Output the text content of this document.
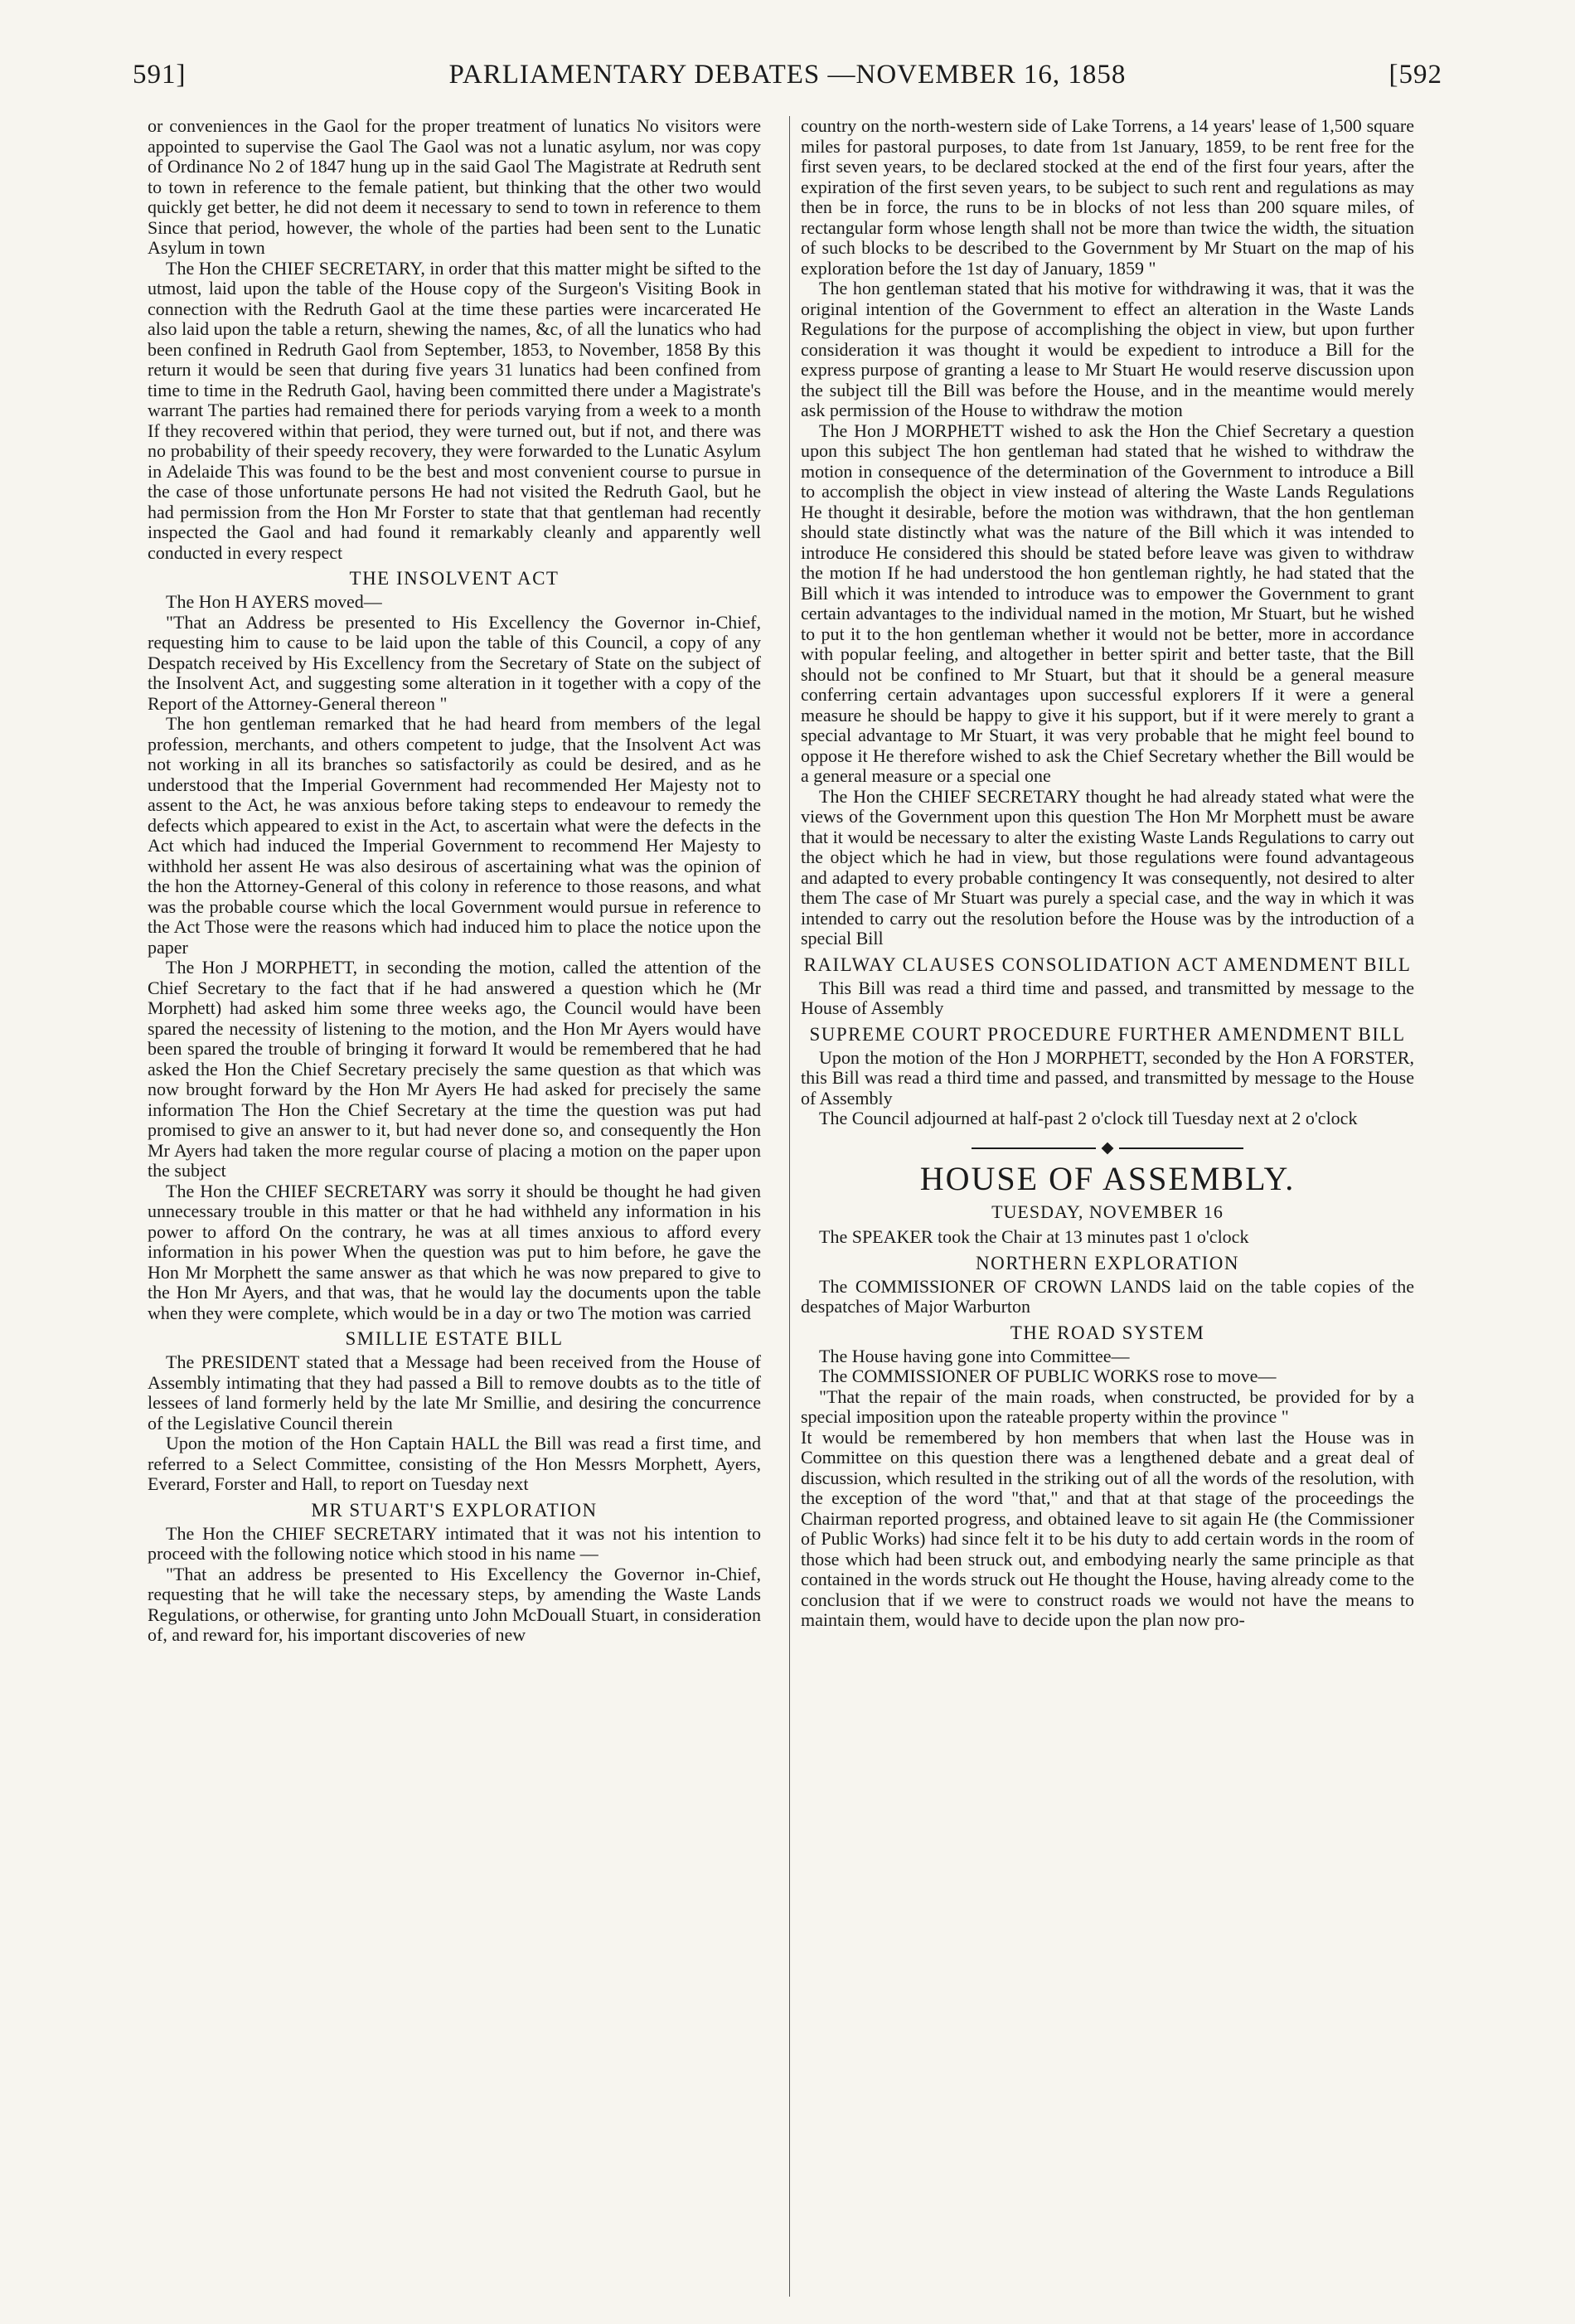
591]	PARLIAMENTARY DEBATES —NOVEMBER 16, 1858	[592

or conveniences in the Gaol for the proper treatment of lunatics No visitors were appointed to supervise the Gaol The Gaol was not a lunatic asylum, nor was copy of Ordinance No 2 of 1847 hung up in the said Gaol The Magistrate at Redruth sent to town in reference to the female patient, but thinking that the other two would quickly get better, he did not deem it necessary to send to town in reference to them Since that period, however, the whole of the parties had been sent to the Lunatic Asylum in town

The Hon the CHIEF SECRETARY, in order that this matter might be sifted to the utmost, laid upon the table of the House copy of the Surgeon's Visiting Book in connection with the Redruth Gaol at the time these parties were incarcerated He also laid upon the table a return, shewing the names, &c, of all the lunatics who had been confined in Redruth Gaol from September, 1853, to November, 1858 By this return it would be seen that during five years 31 lunatics had been confined from time to time in the Redruth Gaol, having been committed there under a Magistrate's warrant The parties had remained there for periods varying from a week to a month If they recovered within that period, they were turned out, but if not, and there was no probability of their speedy recovery, they were forwarded to the Lunatic Asylum in Adelaide This was found to be the best and most convenient course to pursue in the case of those unfortunate persons He had not visited the Redruth Gaol, but he had permission from the Hon Mr Forster to state that that gentleman had recently inspected the Gaol and had found it remarkably cleanly and apparently well conducted in every respect

THE INSOLVENT ACT

The Hon H AYERS moved—

"That an Address be presented to His Excellency the Governor in-Chief, requesting him to cause to be laid upon the table of this Council, a copy of any Despatch received by His Excellency from the Secretary of State on the subject of the Insolvent Act, and suggesting some alteration in it together with a copy of the Report of the Attorney-General thereon "

The hon gentleman remarked that he had heard from members of the legal profession, merchants, and others competent to judge, that the Insolvent Act was not working in all its branches so satisfactorily as could be desired, and as he understood that the Imperial Government had recommended Her Majesty not to assent to the Act, he was anxious before taking steps to endeavour to remedy the defects which appeared to exist in the Act, to ascertain what were the defects in the Act which had induced the Imperial Government to recommend Her Majesty to withhold her assent He was also desirous of ascertaining what was the opinion of the hon the Attorney-General of this colony in reference to those reasons, and what was the probable course which the local Government would pursue in reference to the Act Those were the reasons which had induced him to place the notice upon the paper

The Hon J MORPHETT, in seconding the motion, called the attention of the Chief Secretary to the fact that if he had answered a question which he (Mr Morphett) had asked him some three weeks ago, the Council would have been spared the necessity of listening to the motion, and the Hon Mr Ayers would have been spared the trouble of bringing it forward It would be remembered that he had asked the Hon the Chief Secretary precisely the same question as that which was now brought forward by the Hon Mr Ayers He had asked for precisely the same information The Hon the Chief Secretary at the time the question was put had promised to give an answer to it, but had never done so, and consequently the Hon Mr Ayers had taken the more regular course of placing a motion on the paper upon the subject

The Hon the CHIEF SECRETARY was sorry it should be thought he had given unnecessary trouble in this matter or that he had withheld any information in his power to afford On the contrary, he was at all times anxious to afford every information in his power When the question was put to him before, he gave the Hon Mr Morphett the same answer as that which he was now prepared to give to the Hon Mr Ayers, and that was, that he would lay the documents upon the table when they were complete, which would be in a day or two The motion was carried

SMILLIE ESTATE BILL

The PRESIDENT stated that a Message had been received from the House of Assembly intimating that they had passed a Bill to remove doubts as to the title of lessees of land formerly held by the late Mr Smillie, and desiring the concurrence of the Legislative Council therein

Upon the motion of the Hon Captain HALL the Bill was read a first time, and referred to a Select Committee, consisting of the Hon Messrs Morphett, Ayers, Everard, Forster and Hall, to report on Tuesday next

MR STUART'S EXPLORATION

The Hon the CHIEF SECRETARY intimated that it was not his intention to proceed with the following notice which stood in his name —

"That an address be presented to His Excellency the Governor in-Chief, requesting that he will take the necessary steps, by amending the Waste Lands Regulations, or otherwise, for granting unto John McDouall Stuart, in consideration of, and reward for, his important discoveries of new

country on the north-western side of Lake Torrens, a 14 years' lease of 1,500 square miles for pastoral purposes, to date from 1st January, 1859, to be rent free for the first seven years, to be declared stocked at the end of the first four years, after the expiration of the first seven years, to be subject to such rent and regulations as may then be in force, the runs to be in blocks of not less than 200 square miles, of rectangular form whose length shall not be more than twice the width, the situation of such blocks to be described to the Government by Mr Stuart on the map of his exploration before the 1st day of January, 1859 "

The hon gentleman stated that his motive for withdrawing it was, that it was the original intention of the Government to effect an alteration in the Waste Lands Regulations for the purpose of accomplishing the object in view, but upon further consideration it was thought it would be expedient to introduce a Bill for the express purpose of granting a lease to Mr Stuart He would reserve discussion upon the subject till the Bill was before the House, and in the meantime would merely ask permission of the House to withdraw the motion

The Hon J MORPHETT wished to ask the Hon the Chief Secretary a question upon this subject The hon gentleman had stated that he wished to withdraw the motion in consequence of the determination of the Government to introduce a Bill to accomplish the object in view instead of altering the Waste Lands Regulations He thought it desirable, before the motion was withdrawn, that the hon gentleman should state distinctly what was the nature of the Bill which it was intended to introduce He considered this should be stated before leave was given to withdraw the motion If he had understood the hon gentleman rightly, he had stated that the Bill which it was intended to introduce was to empower the Government to grant certain advantages to the individual named in the motion, Mr Stuart, but he wished to put it to the hon gentleman whether it would not be better, more in accordance with popular feeling, and altogether in better spirit and better taste, that the Bill should not be confined to Mr Stuart, but that it should be a general measure conferring certain advantages upon successful explorers If it were a general measure he should be happy to give it his support, but if it were merely to grant a special advantage to Mr Stuart, it was very probable that he might feel bound to oppose it He therefore wished to ask the Chief Secretary whether the Bill would be a general measure or a special one

The Hon the CHIEF SECRETARY thought he had already stated what were the views of the Government upon this question The Hon Mr Morphett must be aware that it would be necessary to alter the existing Waste Lands Regulations to carry out the object which he had in view, but those regulations were found advantageous and adapted to every probable contingency It was consequently, not desired to alter them The case of Mr Stuart was purely a special case, and the way in which it was intended to carry out the resolution before the House was by the introduction of a special Bill

RAILWAY CLAUSES CONSOLIDATION ACT AMENDMENT BILL

This Bill was read a third time and passed, and transmitted by message to the House of Assembly

SUPREME COURT PROCEDURE FURTHER AMENDMENT BILL

Upon the motion of the Hon J MORPHETT, seconded by the Hon A FORSTER, this Bill was read a third time and passed, and transmitted by message to the House of Assembly

The Council adjourned at half-past 2 o'clock till Tuesday next at 2 o'clock

HOUSE OF ASSEMBLY.
TUESDAY, NOVEMBER 16

The SPEAKER took the Chair at 13 minutes past 1 o'clock

NORTHERN EXPLORATION

The COMMISSIONER OF CROWN LANDS laid on the table copies of the despatches of Major Warburton

THE ROAD SYSTEM

The House having gone into Committee—

The COMMISSIONER OF PUBLIC WORKS rose to move—

"That the repair of the main roads, when constructed, be provided for by a special imposition upon the rateable property within the province "

It would be remembered by hon members that when last the House was in Committee on this question there was a lengthened debate and a great deal of discussion, which resulted in the striking out of all the words of the resolution, with the exception of the word "that," and that at that stage of the proceedings the Chairman reported progress, and obtained leave to sit again He (the Commissioner of Public Works) had since felt it to be his duty to add certain words in the room of those which had been struck out, and embodying nearly the same principle as that contained in the words struck out He thought the House, having already come to the conclusion that if we were to construct roads we would not have the means to maintain them, would have to decide upon the plan now pro-
